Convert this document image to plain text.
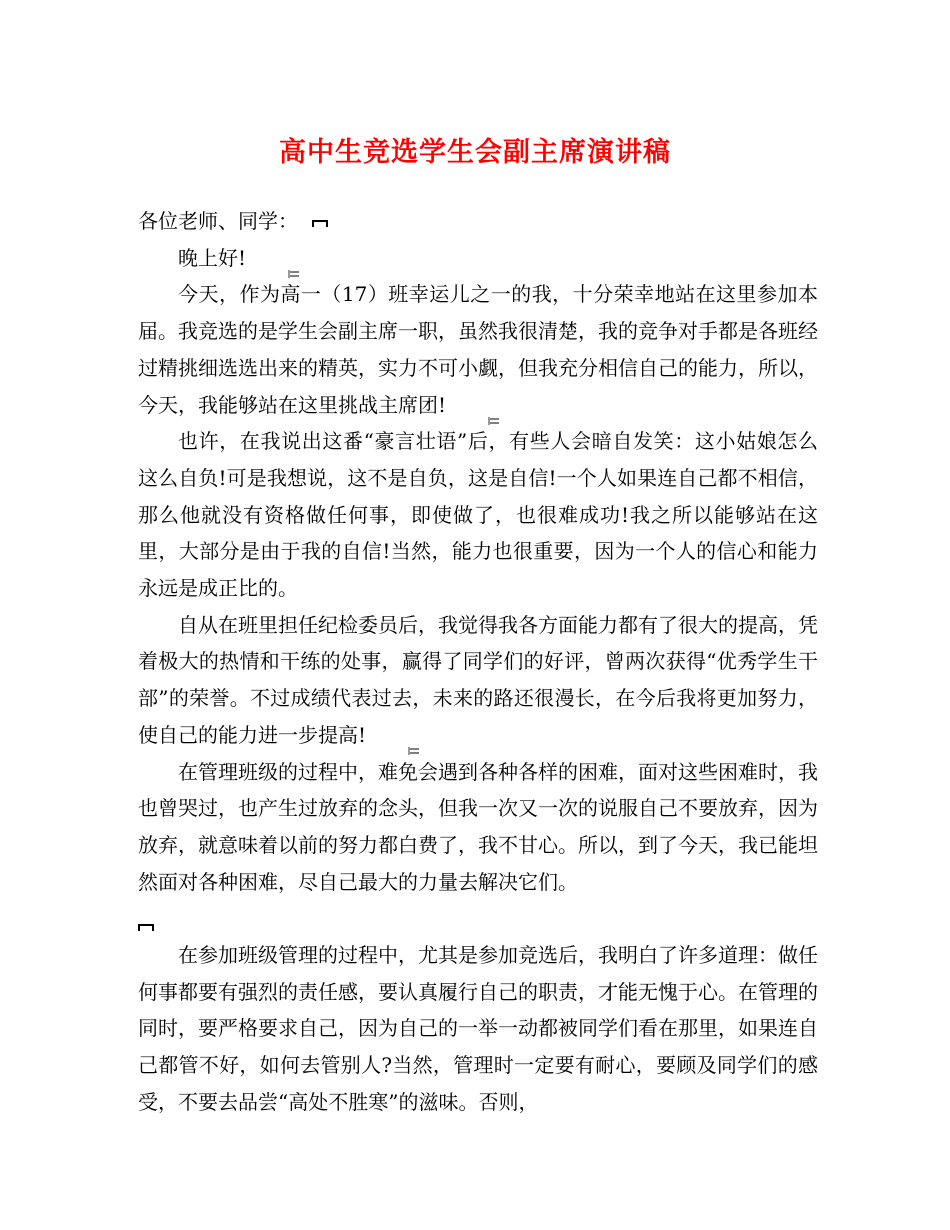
高中生竞选学生会副主席演讲稿

各位老师、同学：

晚上好!

今天，作为高一（17）班幸运儿之一的我，十分荣幸地站在这里参加本届。我竞选的是学生会副主席一职，虽然我很清楚，我的竞争对手都是各班经过精挑细选选出来的精英，实力不可小觑，但我充分相信自己的能力，所以，今天，我能够站在这里挑战主席团!

也许，在我说出这番“豪言壮语”后，有些人会暗自发笑：这小姑娘怎么这么自负!可是我想说，这不是自负，这是自信!一个人如果连自己都不相信，那么他就没有资格做任何事，即使做了，也很难成功!我之所以能够站在这里，大部分是由于我的自信!当然，能力也很重要，因为一个人的信心和能力永远是成正比的。

自从在班里担任纪检委员后，我觉得我各方面能力都有了很大的提高，凭着极大的热情和干练的处事，赢得了同学们的好评，曾两次获得“优秀学生干部”的荣誉。不过成绩代表过去，未来的路还很漫长，在今后我将更加努力，使自己的能力进一步提高!

在管理班级的过程中，难免会遇到各种各样的困难，面对这些困难时，我也曾哭过，也产生过放弃的念头，但我一次又一次的说服自己不要放弃，因为放弃，就意味着以前的努力都白费了，我不甘心。所以，到了今天，我已能坦然面对各种困难，尽自己最大的力量去解决它们。

在参加班级管理的过程中，尤其是参加竞选后，我明白了许多道理：做任何事都要有强烈的责任感，要认真履行自己的职责，才能无愧于心。在管理的同时，要严格要求自己，因为自己的一举一动都被同学们看在那里，如果连自己都管不好，如何去管别人?当然，管理时一定要有耐心，要顾及同学们的感受，不要去品尝“高处不胜寒”的滋味。否则，
